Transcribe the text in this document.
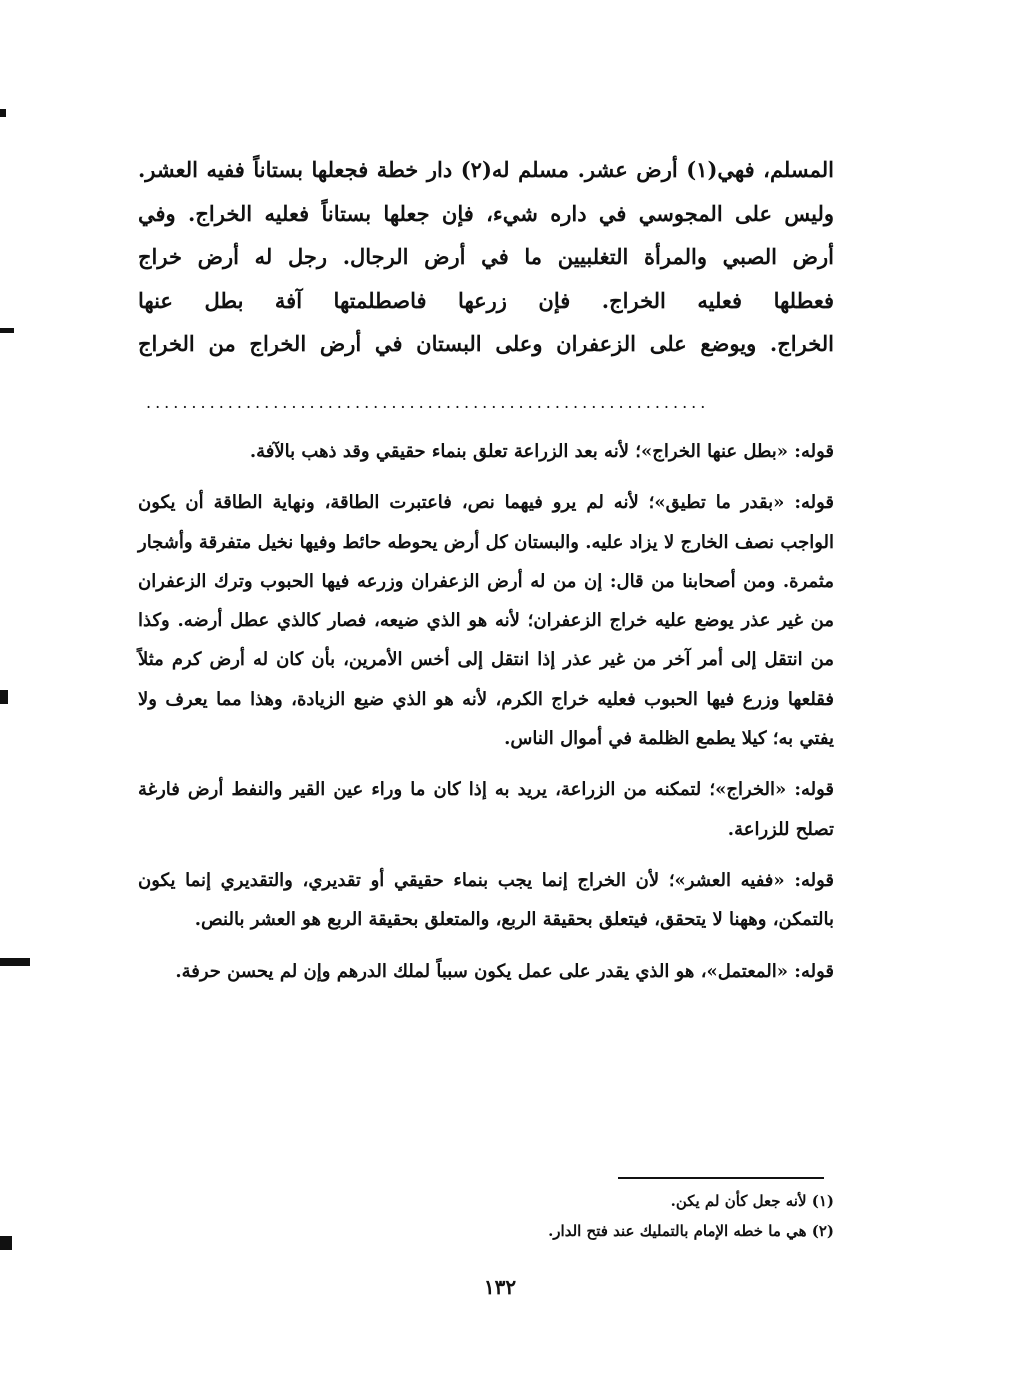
المسلم، فهي(١) أرض عشر. مسلم له(٢) دار خطة فجعلها بستاناً ففيه العشر.
وليس على المجوسي في داره شيء، فإن جعلها بستاناً فعليه الخراج. وفي
أرض الصبي والمرأة التغلبيين ما في أرض الرجال. رجل له أرض خراج
فعطلها فعليه الخراج. فإن زرعها فاصطلمتها آفة بطل عنها
الخراج. ويوضع على الزعفران وعلى البستان في أرض الخراج من الخراج
..............................................................

قوله: «بطل عنها الخراج»؛ لأنه بعد الزراعة تعلق بنماء حقيقي وقد ذهب بالآفة.

قوله: «بقدر ما تطيق»؛ لأنه لم يرو فيهما نص، فاعتبرت الطاقة، ونهاية الطاقة أن يكون الواجب نصف الخارج لا يزاد عليه. والبستان كل أرض يحوطه حائط وفيها نخيل متفرقة وأشجار مثمرة. ومن أصحابنا من قال: إن من له أرض الزعفران وزرعه فيها الحبوب وترك الزعفران من غير عذر يوضع عليه خراج الزعفران؛ لأنه هو الذي ضيعه، فصار كالذي عطل أرضه. وكذا من انتقل إلى أمر آخر من غير عذر إذا انتقل إلى أخس الأمرين، بأن كان له أرض كرم مثلاً فقلعها وزرع فيها الحبوب فعليه خراج الكرم، لأنه هو الذي ضيع الزيادة، وهذا مما يعرف ولا يفتي به؛ كيلا يطمع الظلمة في أموال الناس.

قوله: «الخراج»؛ لتمكنه من الزراعة، يريد به إذا كان ما وراء عين القير والنفط أرض فارغة تصلح للزراعة.

قوله: «ففيه العشر»؛ لأن الخراج إنما يجب بنماء حقيقي أو تقديري، والتقديري إنما يكون بالتمكن، وههنا لا يتحقق، فيتعلق بحقيقة الربع، والمتعلق بحقيقة الربع هو العشر بالنص.

قوله: «المعتمل»، هو الذي يقدر على عمل يكون سبباً لملك الدرهم وإن لم يحسن حرفة.

(١) لأنه جعل كأن لم يكن.
(٢) هي ما خطه الإمام بالتمليك عند فتح الدار.
١٣٢
